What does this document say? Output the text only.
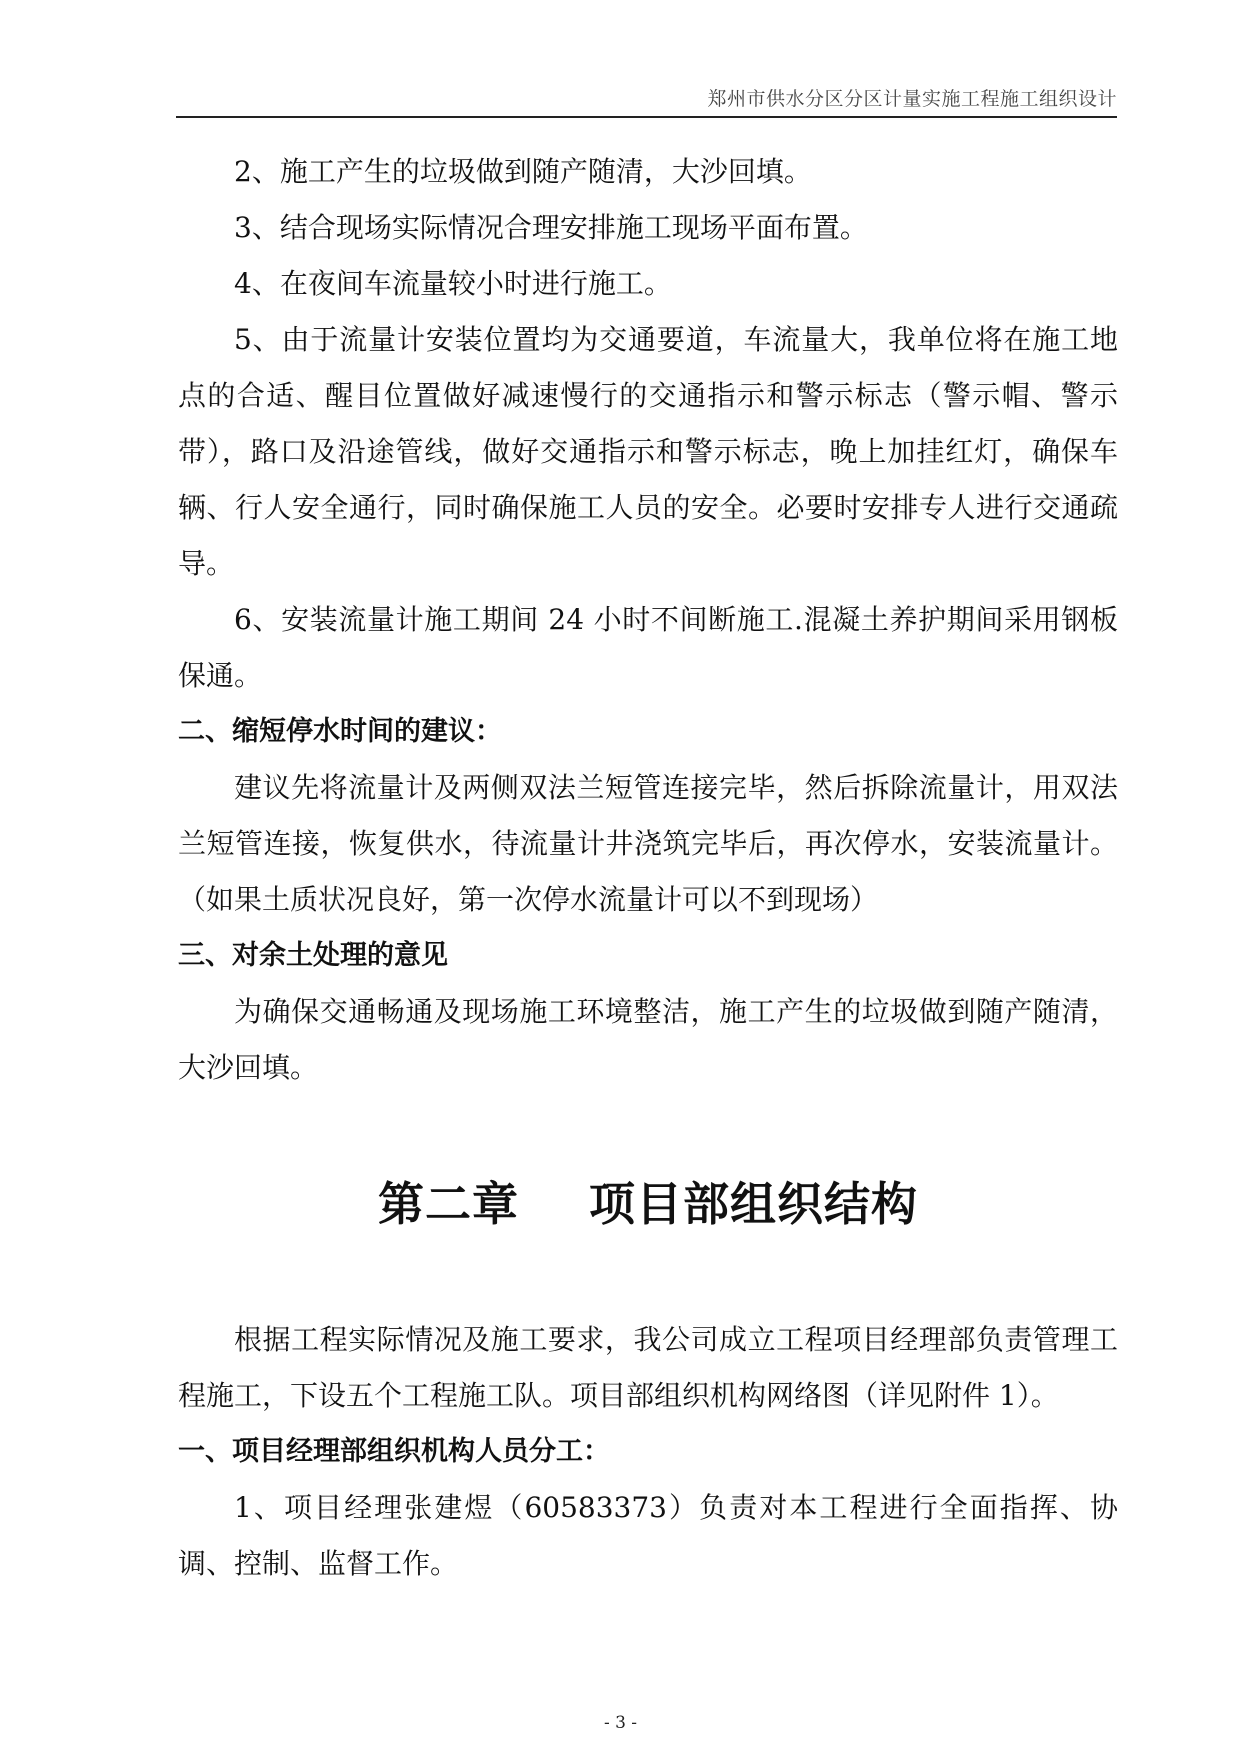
郑州市供水分区分区计量实施工程施工组织设计

2、施工产生的垃圾做到随产随清，大沙回填。

3、结合现场实际情况合理安排施工现场平面布置。

4、在夜间车流量较小时进行施工。

5、由于流量计安装位置均为交通要道，车流量大，我单位将在施工地点的合适、醒目位置做好减速慢行的交通指示和警示标志（警示帽、警示带），路口及沿途管线，做好交通指示和警示标志，晚上加挂红灯，确保车辆、行人安全通行，同时确保施工人员的安全。必要时安排专人进行交通疏导。

6、安装流量计施工期间 24 小时不间断施工.混凝土养护期间采用钢板保通。

二、缩短停水时间的建议：

建议先将流量计及两侧双法兰短管连接完毕，然后拆除流量计，用双法兰短管连接，恢复供水，待流量计井浇筑完毕后，再次停水，安装流量计。（如果土质状况良好，第一次停水流量计可以不到现场）

三、对余土处理的意见

为确保交通畅通及现场施工环境整洁，施工产生的垃圾做到随产随清，大沙回填。

第二章 项目部组织结构

根据工程实际情况及施工要求，我公司成立工程项目经理部负责管理工程施工，下设五个工程施工队。项目部组织机构网络图（详见附件 1）。

一、项目经理部组织机构人员分工：

1、项目经理张建煜（60583373）负责对本工程进行全面指挥、协调、控制、监督工作。

- 3 -
